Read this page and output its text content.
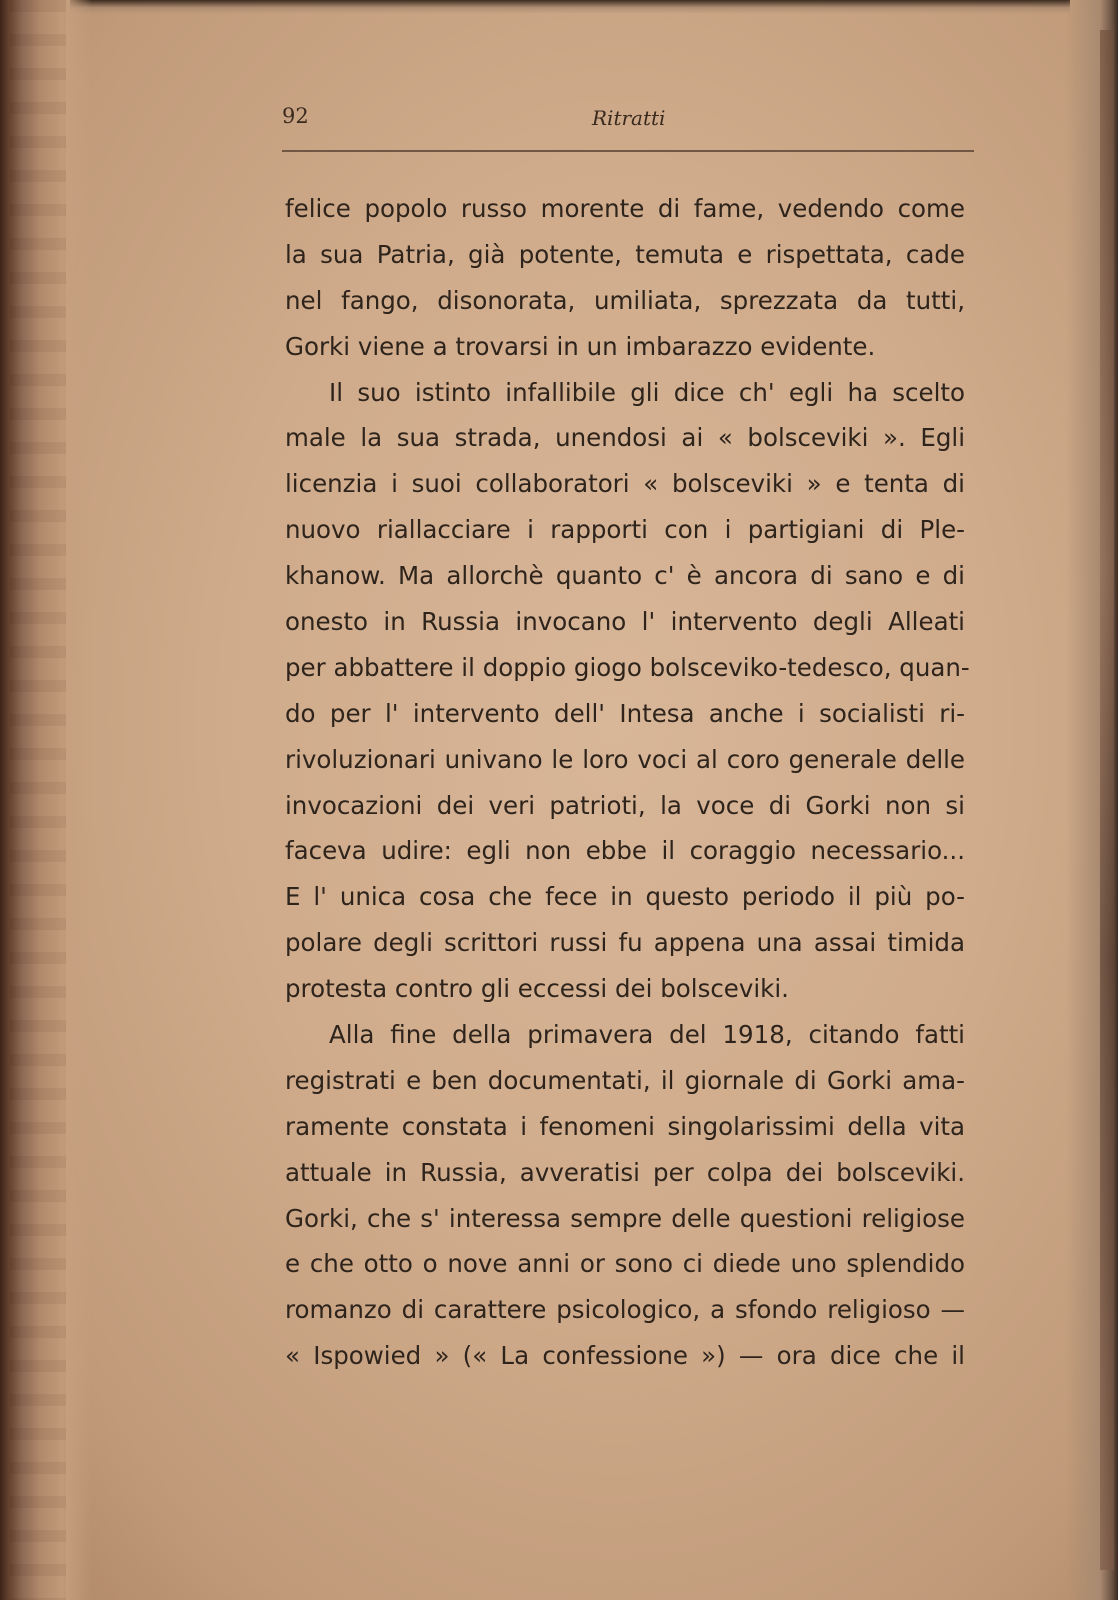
92	Ritratti
felice popolo russo morente di fame, vedendo come
la sua Patria, già potente, temuta e rispettata, cade
nel fango, disonorata, umiliata, sprezzata da tutti,
Gorki viene a trovarsi in un imbarazzo evidente.
Il suo istinto infallibile gli dice ch' egli ha scelto
male la sua strada, unendosi ai « bolsceviki ». Egli
licenzia i suoi collaboratori « bolsceviki » e tenta di
nuovo riallacciare i rapporti con i partigiani di Ple-
khanow. Ma allorchè quanto c' è ancora di sano e di
onesto in Russia invocano l' intervento degli Alleati
per abbattere il doppio giogo bolsceviko-tedesco, quan-
do per l' intervento dell' Intesa anche i socialisti ri-
rivoluzionari univano le loro voci al coro generale delle
invocazioni dei veri patrioti, la voce di Gorki non si
faceva udire: egli non ebbe il coraggio necessario...
E l' unica cosa che fece in questo periodo il più po-
polare degli scrittori russi fu appena una assai timida
protesta contro gli eccessi dei bolsceviki.
Alla fine della primavera del 1918, citando fatti
registrati e ben documentati, il giornale di Gorki ama-
ramente constata i fenomeni singolarissimi della vita
attuale in Russia, avveratisi per colpa dei bolsceviki.
Gorki, che s' interessa sempre delle questioni religiose
e che otto o nove anni or sono ci diede uno splendido
romanzo di carattere psicologico, a sfondo religioso —
« Ispowied » (« La confessione ») — ora dice che il
